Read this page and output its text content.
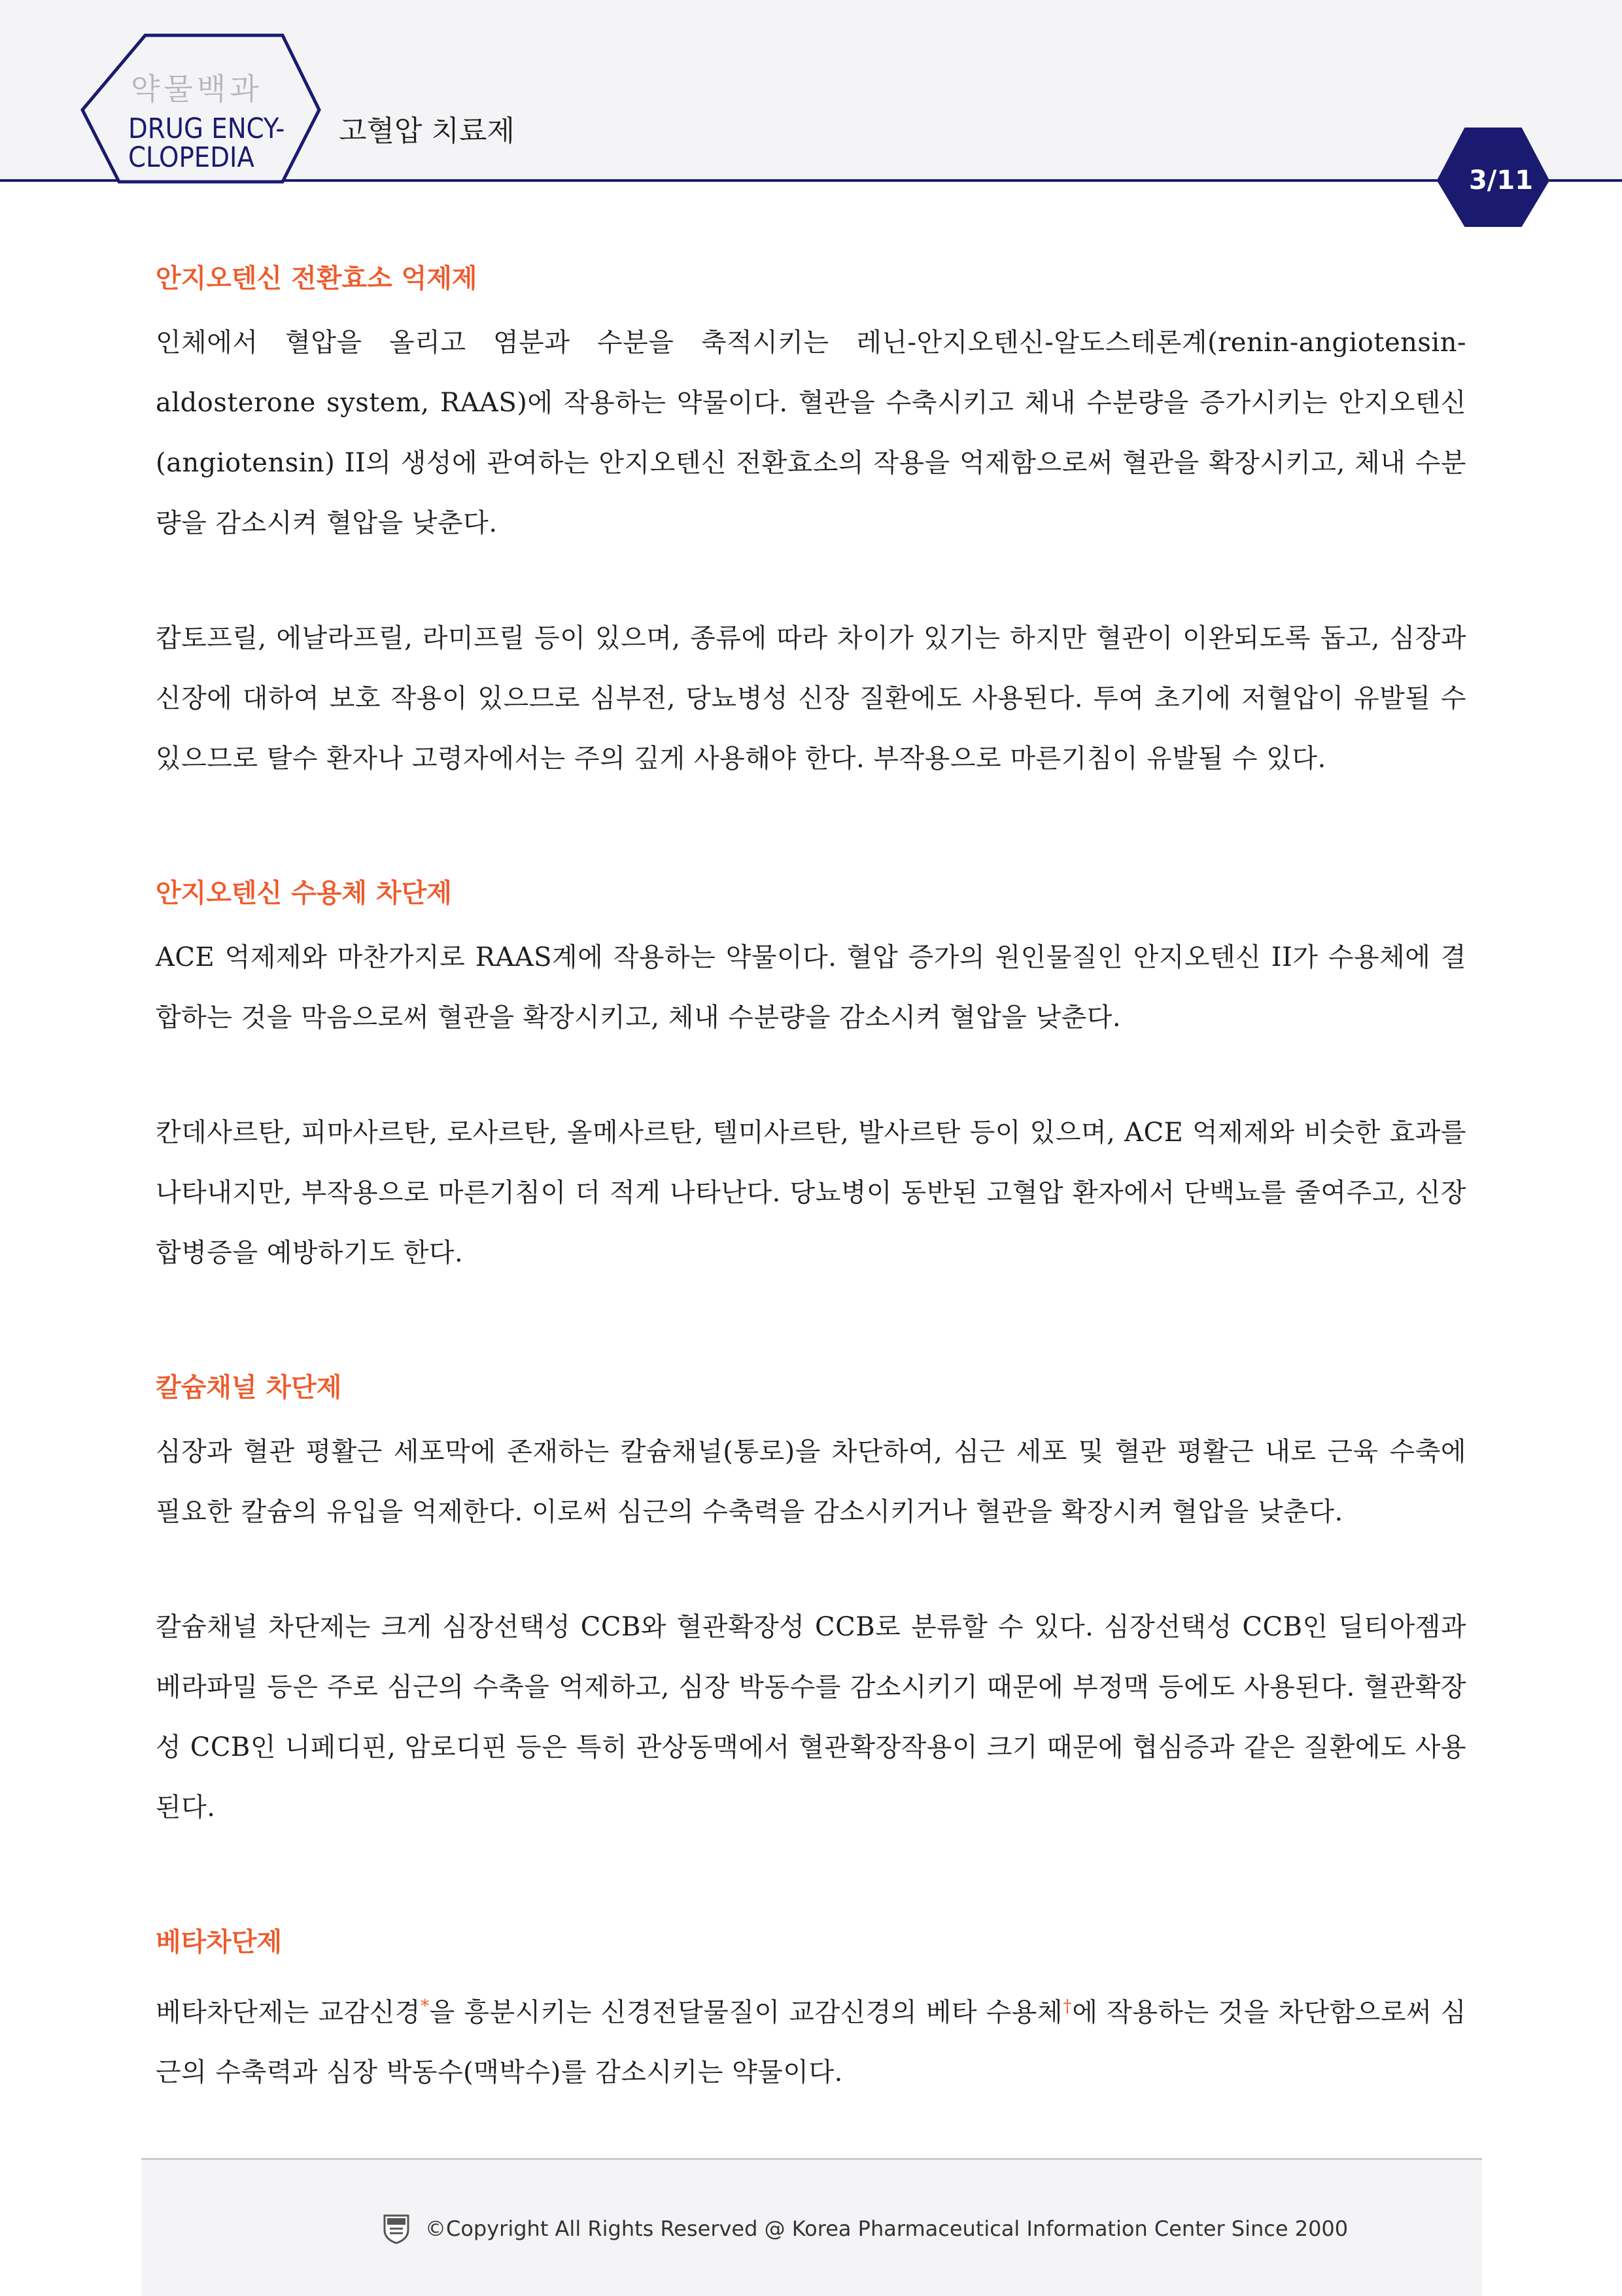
약물백과
DRUG ENCY-
CLOPEDIA
고혈압 치료제
3/11
안지오텐신 전환효소 억제제

인체에서 혈압을 올리고 염분과 수분을 축적시키는 레닌-안지오텐신-알도스테론계(renin-angiotensin-aldosterone system, RAAS)에 작용하는 약물이다. 혈관을 수축시키고 체내 수분량을 증가시키는 안지오텐신(angiotensin) II의 생성에 관여하는 안지오텐신 전환효소의 작용을 억제함으로써 혈관을 확장시키고, 체내 수분량을 감소시켜 혈압을 낮춘다.

캅토프릴, 에날라프릴, 라미프릴 등이 있으며, 종류에 따라 차이가 있기는 하지만 혈관이 이완되도록 돕고, 심장과 신장에 대하여 보호 작용이 있으므로 심부전, 당뇨병성 신장 질환에도 사용된다. 투여 초기에 저혈압이 유발될 수 있으므로 탈수 환자나 고령자에서는 주의 깊게 사용해야 한다. 부작용으로 마른기침이 유발될 수 있다.

안지오텐신 수용체 차단제

ACE 억제제와 마찬가지로 RAAS계에 작용하는 약물이다. 혈압 증가의 원인물질인 안지오텐신 II가 수용체에 결합하는 것을 막음으로써 혈관을 확장시키고, 체내 수분량을 감소시켜 혈압을 낮춘다.

칸데사르탄, 피마사르탄, 로사르탄, 올메사르탄, 텔미사르탄, 발사르탄 등이 있으며, ACE 억제제와 비슷한 효과를 나타내지만, 부작용으로 마른기침이 더 적게 나타난다. 당뇨병이 동반된 고혈압 환자에서 단백뇨를 줄여주고, 신장 합병증을 예방하기도 한다.

칼슘채널 차단제

심장과 혈관 평활근 세포막에 존재하는 칼슘채널(통로)을 차단하여, 심근 세포 및 혈관 평활근 내로 근육 수축에 필요한 칼슘의 유입을 억제한다. 이로써 심근의 수축력을 감소시키거나 혈관을 확장시켜 혈압을 낮춘다.

칼슘채널 차단제는 크게 심장선택성 CCB와 혈관확장성 CCB로 분류할 수 있다. 심장선택성 CCB인 딜티아젬과 베라파밀 등은 주로 심근의 수축을 억제하고, 심장 박동수를 감소시키기 때문에 부정맥 등에도 사용된다. 혈관확장성 CCB인 니페디핀, 암로디핀 등은 특히 관상동맥에서 혈관확장작용이 크기 때문에 협심증과 같은 질환에도 사용된다.

베타차단제

베타차단제는 교감신경*을 흥분시키는 신경전달물질이 교감신경의 베타 수용체†에 작용하는 것을 차단함으로써 심근의 수축력과 심장 박동수(맥박수)를 감소시키는 약물이다.

©Copyright All Rights Reserved @ Korea Pharmaceutical Information Center Since 2000
